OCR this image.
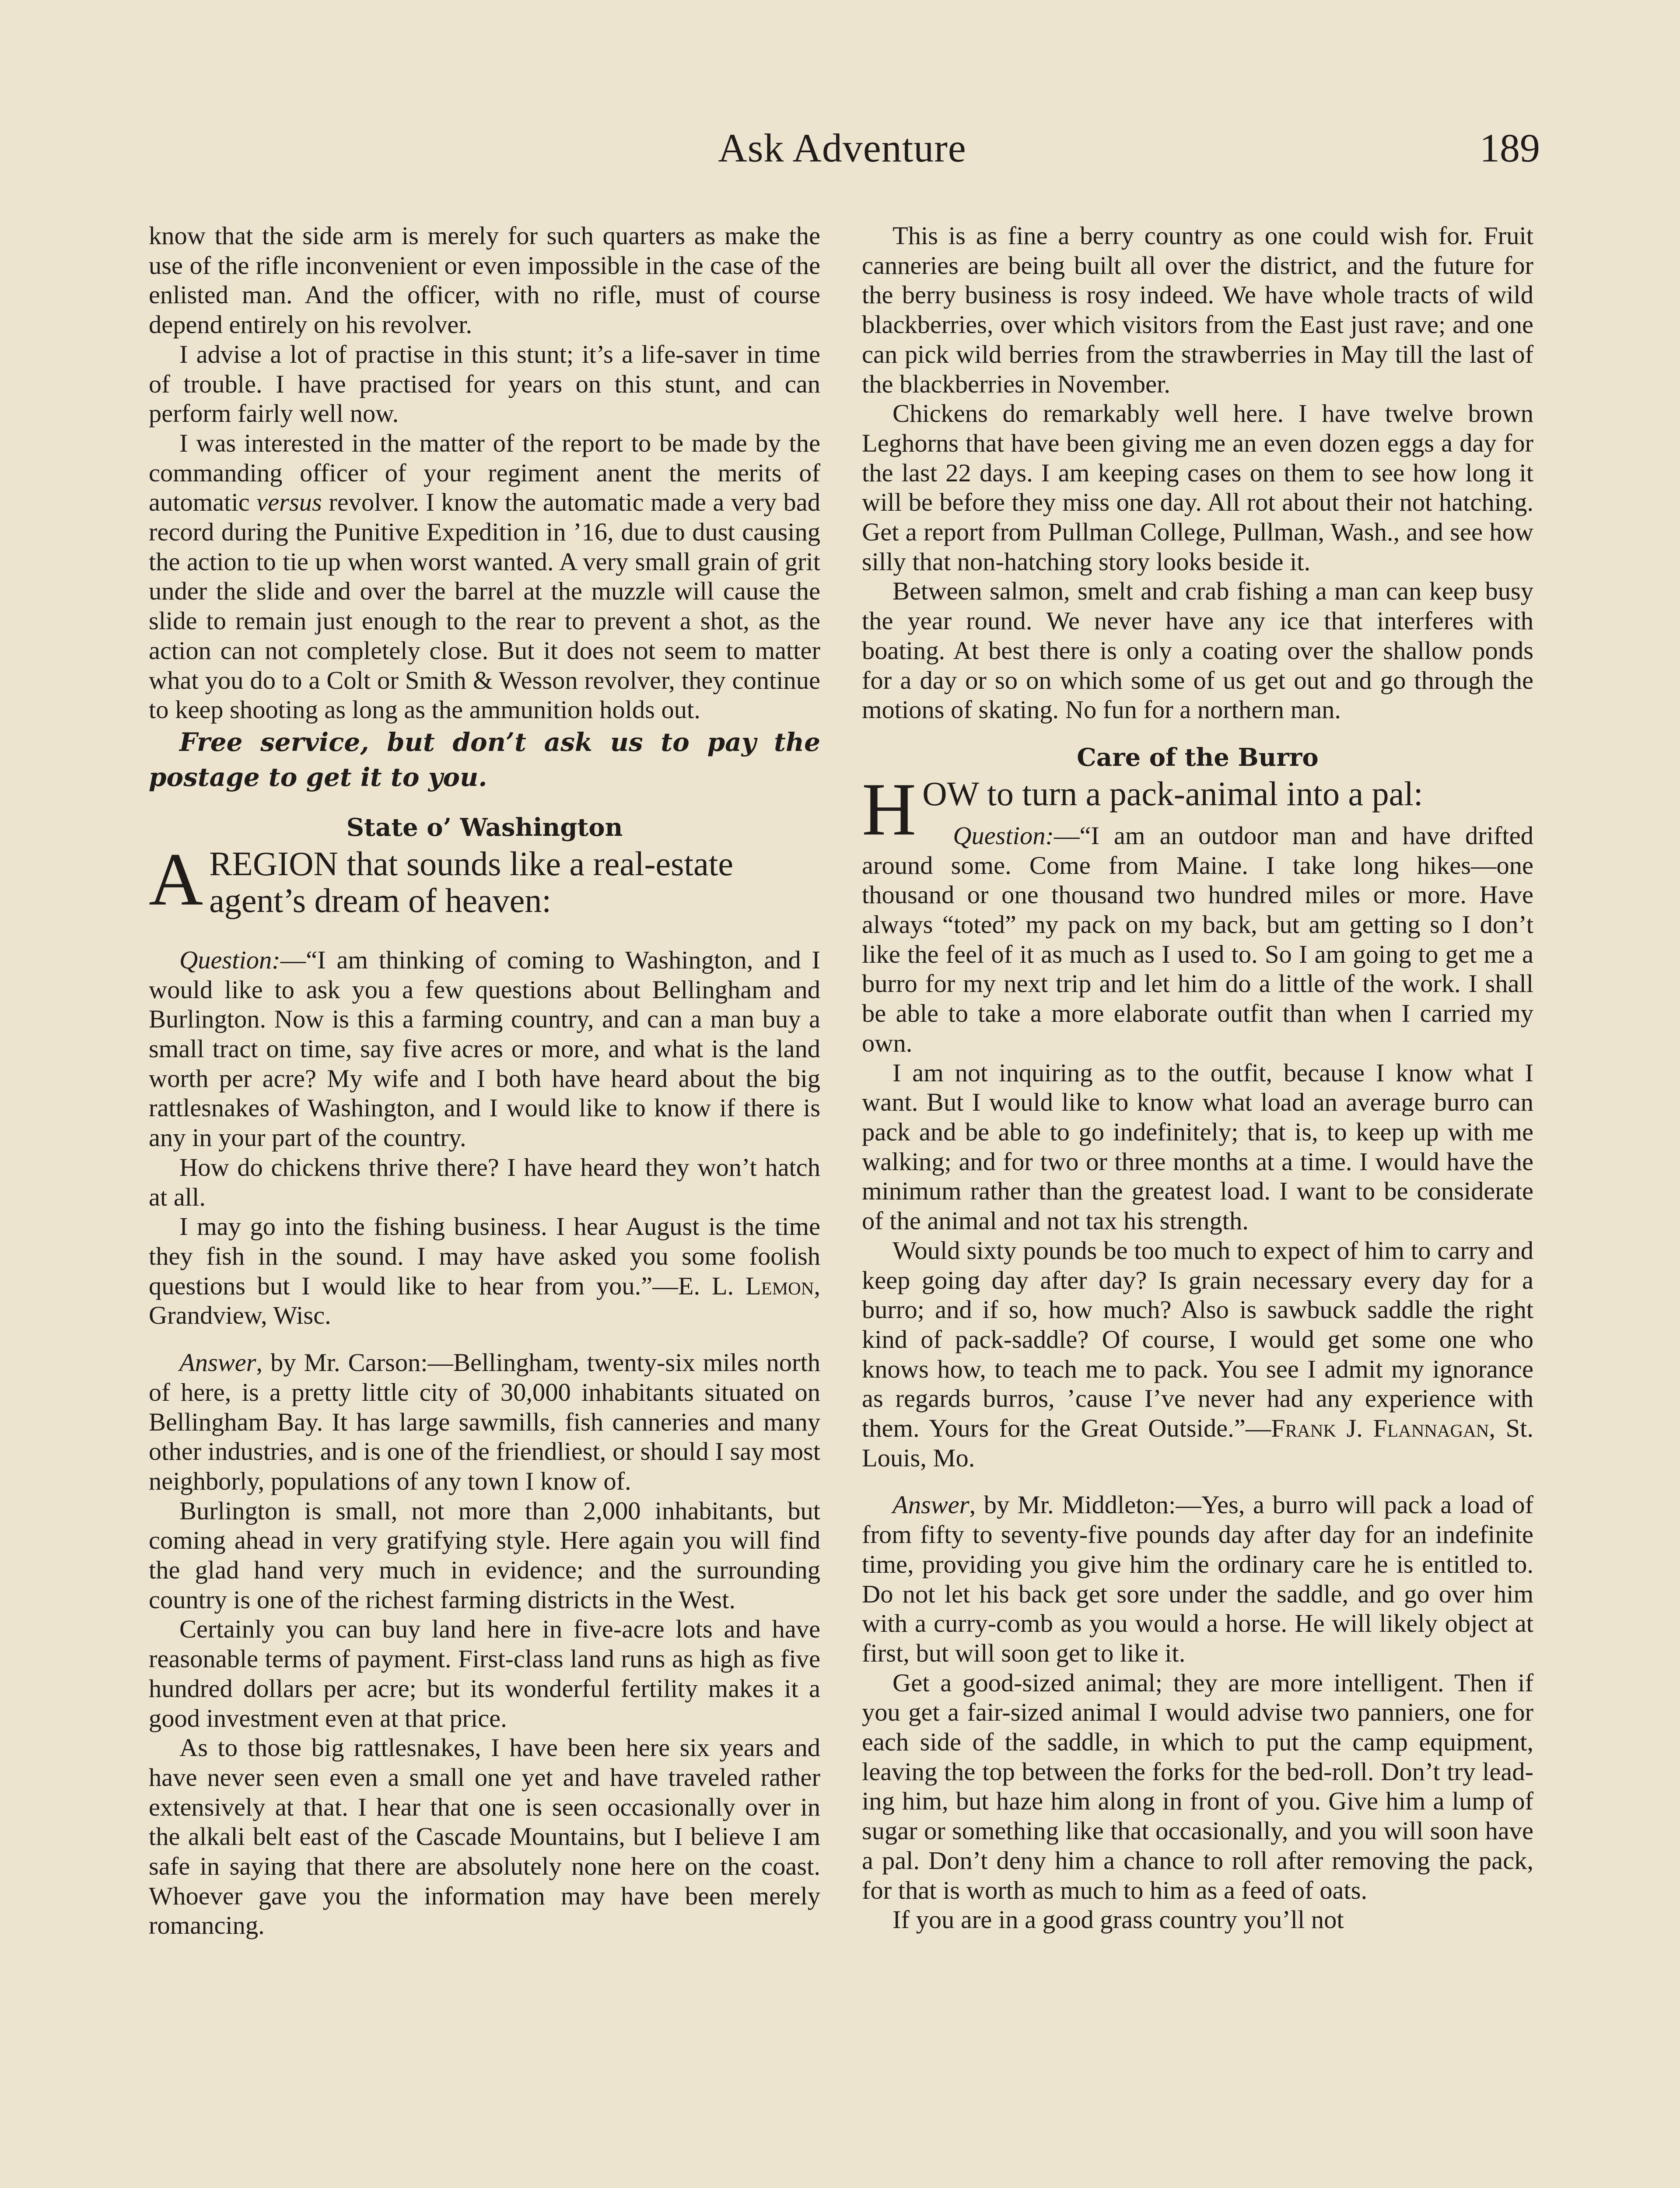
Ask Adventure	189

know that the side arm is merely for such quarters as make the use of the rifle inconvenient or even impossible in the case of the enlisted man. And the officer, with no rifle, must of course depend entirely on his revolver.

I advise a lot of practise in this stunt; it’s a life-saver in time of trouble. I have practised for years on this stunt, and can perform fairly well now.

I was interested in the matter of the report to be made by the commanding officer of your regiment anent the merits of automatic versus revolver. I know the automatic made a very bad record during the Punitive Expedition in ’16, due to dust causing the action to tie up when worst wanted. A very small grain of grit under the slide and over the barrel at the muzzle will cause the slide to remain just enough to the rear to prevent a shot, as the action can not completely close. But it does not seem to matter what you do to a Colt or Smith & Wesson revolver, they continue to keep shooting as long as the ammunition holds out.

Free service, but don’t ask us to pay the postage to get it to you.

State o’ Washington
AREGION that sounds like a real-estate agent’s dream of heaven:

Question:—“I am thinking of coming to Washington, and I would like to ask you a few questions about Bellingham and Burlington. Now is this a farming country, and can a man buy a small tract on time, say five acres or more, and what is the land worth per acre? My wife and I both have heard about the big rattlesnakes of Washington, and I would like to know if there is any in your part of the country.

How do chickens thrive there? I have heard they won’t hatch at all.

I may go into the fishing business. I hear August is the time they fish in the sound. I may have asked you some foolish questions but I would like to hear from you.”—E. L. Lemon, Grandview, Wisc.

Answer, by Mr. Carson:—Bellingham, twenty-six miles north of here, is a pretty little city of 30,000 inhabitants situated on Bellingham Bay. It has large sawmills, fish canneries and many other industries, and is one of the friendliest, or should I say most neighborly, populations of any town I know of.

Burlington is small, not more than 2,000 inhabitants, but coming ahead in very gratifying style. Here again you will find the glad hand very much in evidence; and the surrounding country is one of the richest farming districts in the West.

Certainly you can buy land here in five-acre lots and have reasonable terms of payment. First-class land runs as high as five hundred dollars per acre; but its wonderful fertility makes it a good investment even at that price.

As to those big rattlesnakes, I have been here six years and have never seen even a small one yet and have traveled rather extensively at that. I hear that one is seen occasionally over in the alkali belt east of the Cascade Mountains, but I believe I am safe in saying that there are absolutely none here on the coast. Whoever gave you the information may have been merely romancing.

This is as fine a berry country as one could wish for. Fruit canneries are being built all over the district, and the future for the berry business is rosy indeed. We have whole tracts of wild blackberries, over which visitors from the East just rave; and one can pick wild berries from the strawberries in May till the last of the blackberries in November.

Chickens do remarkably well here. I have twelve brown Leghorns that have been giving me an even dozen eggs a day for the last 22 days. I am keeping cases on them to see how long it will be before they miss one day. All rot about their not hatching. Get a report from Pullman College, Pullman, Wash., and see how silly that non-hatching story looks beside it.

Between salmon, smelt and crab fishing a man can keep busy the year round. We never have any ice that interferes with boating. At best there is only a coating over the shallow ponds for a day or so on which some of us get out and go through the motions of skating. No fun for a northern man.

Care of the Burro
HOW to turn a pack-animal into a pal:

Question:—“I am an outdoor man and have drifted around some. Come from Maine. I take long hikes—one thousand or one thousand two hundred miles or more. Have always “toted” my pack on my back, but am getting so I don’t like the feel of it as much as I used to. So I am going to get me a burro for my next trip and let him do a little of the work. I shall be able to take a more elaborate outfit than when I carried my own.

I am not inquiring as to the outfit, because I know what I want. But I would like to know what load an average burro can pack and be able to go indefinitely; that is, to keep up with me walking; and for two or three months at a time. I would have the minimum rather than the greatest load. I want to be considerate of the animal and not tax his strength.

Would sixty pounds be too much to expect of him to carry and keep going day after day? Is grain necessary every day for a burro; and if so, how much? Also is sawbuck saddle the right kind of pack-saddle? Of course, I would get some one who knows how, to teach me to pack. You see I admit my ignorance as regards burros, ’cause I’ve never had any experience with them. Yours for the Great Outside.”—Frank J. Flannagan, St. Louis, Mo.

Answer, by Mr. Middleton:—Yes, a burro will pack a load of from fifty to seventy-five pounds day after day for an indefinite time, providing you give him the ordinary care he is entitled to. Do not let his back get sore under the saddle, and go over him with a curry-comb as you would a horse. He will likely object at first, but will soon get to like it.

Get a good-sized animal; they are more intelligent. Then if you get a fair-sized animal I would advise two panniers, one for each side of the saddle, in which to put the camp equipment, leaving the top between the forks for the bed-roll. Don’t try leading him, but haze him along in front of you. Give him a lump of sugar or something like that occasionally, and you will soon have a pal. Don’t deny him a chance to roll after removing the pack, for that is worth as much to him as a feed of oats.

If you are in a good grass country you’ll not
